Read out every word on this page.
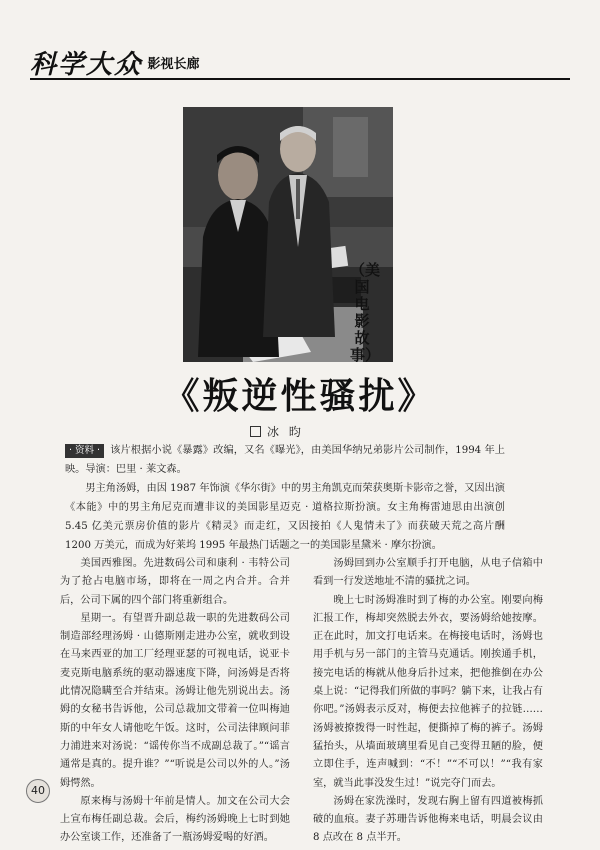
科学大众
· 影视长廊
（美国电影故事）
《叛逆性骚扰》
冰 昀

· 资料 · 该片根据小说《暴露》改编，又名《曝光》，由美国华纳兄弟影片公司制作，1994 年上映。导演：巴里 · 莱文森。

男主角汤姆，由因 1987 年饰演《华尔街》中的男主角凯克而荣获奥斯卡影帝之誉，又因出演《本能》中的男主角尼克而遭非议的美国影星迈克 · 道格拉斯扮演。女主角梅雷迪思由出演创 5.45 亿美元票房价值的影片《精灵》而走红，又因接拍《人鬼情未了》而获破天荒之高片酬 1200 万美元，而成为好莱坞 1995 年最热门话题之一的美国影星黛米 · 摩尔扮演。

美国西雅图。先进数码公司和康利 · 韦特公司为了抢占电脑市场，即将在一周之内合并。合并后，公司下属的四个部门将重新组合。

星期一。有望晋升副总裁一职的先进数码公司制造部经理汤姆 · 山德斯刚走进办公室，就收到设在马来西亚的加工厂经理亚瑟的可视电话，说亚卡麦克斯电脑系统的驱动器速度下降，问汤姆是否将此情况隐瞒至合并结束。汤姆让他先别说出去。汤姆的女秘书告诉他，公司总裁加文带着一位叫梅迪斯的中年女人请他吃午饭。这时，公司法律顾问菲力浦进来对汤说：“谣传你当不成副总裁了。”“谣言通常是真的。提升谁？”“听说是公司以外的人。”汤姆愕然。

原来梅与汤姆十年前是情人。加文在公司大会上宣布梅任副总裁。会后，梅约汤姆晚上七时到她办公室谈工作，还准备了一瓶汤姆爱喝的好酒。

汤姆回到办公室顺手打开电脑，从电子信箱中看到一行发送地址不清的骚扰之词。

晚上七时汤姆准时到了梅的办公室。刚要向梅汇报工作，梅却突然脱去外衣，要汤姆给她按摩。正在此时，加文打电话来。在梅接电话时，汤姆也用手机与另一部门的主管马克通话。刚挨通手机，接完电话的梅就从他身后扑过来，把他推倒在办公桌上说：“记得我们所做的事吗？躺下来，让我占有你吧。”汤姆表示反对，梅便去拉他裤子的拉链……汤姆被撩拨得一时性起，便撕掉了梅的裤子。汤姆猛抬头，从墙面玻璃里看见自己变得丑陋的脸，便立即住手，连声喊到：“不！”“不可以！”“我有家室，就当此事没发生过！”说完夺门而去。

汤姆在家洗澡时，发现右胸上留有四道被梅抓破的血痕。妻子苏珊告诉他梅来电话，明晨会议由 8 点改在 8 点半开。

40
